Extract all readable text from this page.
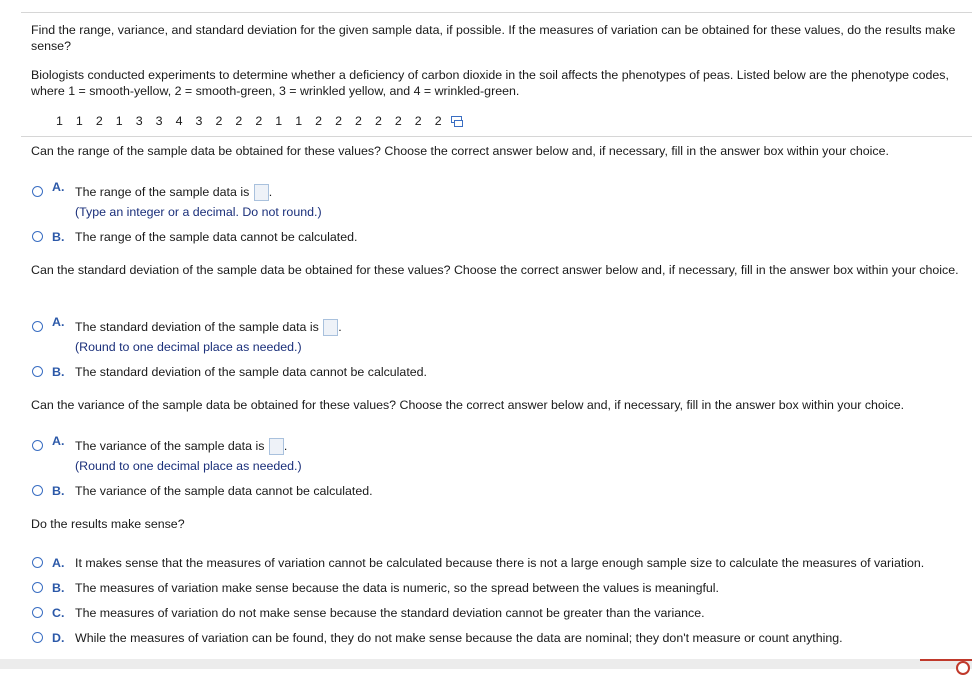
Find the range, variance, and standard deviation for the given sample data, if possible. If the measures of variation can be obtained for these values, do the results make sense?

Biologists conducted experiments to determine whether a deficiency of carbon dioxide in the soil affects the phenotypes of peas. Listed below are the phenotype codes, where 1 = smooth-yellow, 2 = smooth-green, 3 = wrinkled yellow, and 4 = wrinkled-green.

1 1 2 1 3 3 4 3 2 2 2 1 1 2 2 2 2 2 2 2

Can the range of the sample data be obtained for these values? Choose the correct answer below and, if necessary, fill in the answer box within your choice.

A. The range of the sample data is .
(Type an integer or a decimal. Do not round.)
B. The range of the sample data cannot be calculated.

Can the standard deviation of the sample data be obtained for these values? Choose the correct answer below and, if necessary, fill in the answer box within your choice.

A. The standard deviation of the sample data is .
(Round to one decimal place as needed.)
B. The standard deviation of the sample data cannot be calculated.

Can the variance of the sample data be obtained for these values? Choose the correct answer below and, if necessary, fill in the answer box within your choice.

A. The variance of the sample data is .
(Round to one decimal place as needed.)
B. The variance of the sample data cannot be calculated.

Do the results make sense?

A. It makes sense that the measures of variation cannot be calculated because there is not a large enough sample size to calculate the measures of variation.
B. The measures of variation make sense because the data is numeric, so the spread between the values is meaningful.
C. The measures of variation do not make sense because the standard deviation cannot be greater than the variance.
D. While the measures of variation can be found, they do not make sense because the data are nominal; they don't measure or count anything.
